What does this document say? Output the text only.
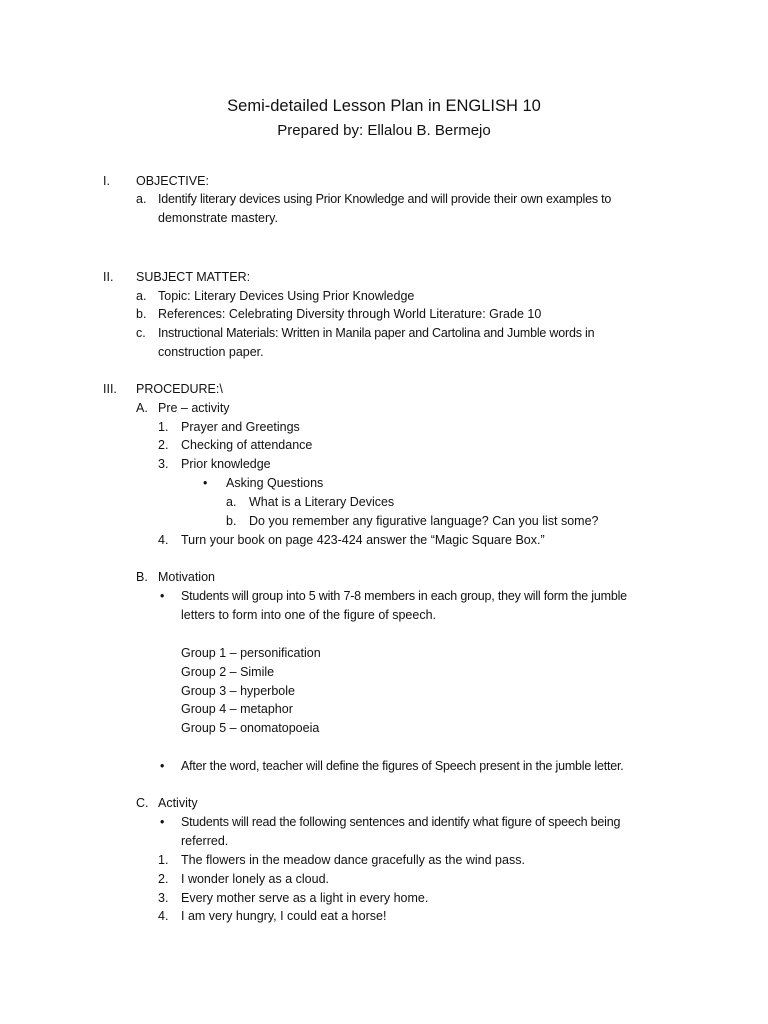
Semi-detailed Lesson Plan in ENGLISH 10
Prepared by: Ellalou B. Bermejo
I.	OBJECTIVE:
a. Identify literary devices using Prior Knowledge and will provide their own examples to
demonstrate mastery.
II.	SUBJECT MATTER:
a. Topic: Literary Devices Using Prior Knowledge
b. References: Celebrating Diversity through World Literature: Grade 10
c. Instructional Materials: Written in Manila paper and Cartolina and Jumble words in
construction paper.
III.	PROCEDURE:\
A. Pre – activity
1. Prayer and Greetings
2. Checking of attendance
3. Prior knowledge
• Asking Questions
a. What is a Literary Devices
b. Do you remember any figurative language? Can you list some?
4. Turn your book on page 423-424 answer the “Magic Square Box.”
B. Motivation
• Students will group into 5 with 7-8 members in each group, they will form the jumble
letters to form into one of the figure of speech.
Group 1 – personification
Group 2 – Simile
Group 3 – hyperbole
Group 4 – metaphor
Group 5 – onomatopoeia
• After the word, teacher will define the figures of Speech present in the jumble letter.
C. Activity
• Students will read the following sentences and identify what figure of speech being
referred.
1. The flowers in the meadow dance gracefully as the wind pass.
2. I wonder lonely as a cloud.
3. Every mother serve as a light in every home.
4. I am very hungry, I could eat a horse!
